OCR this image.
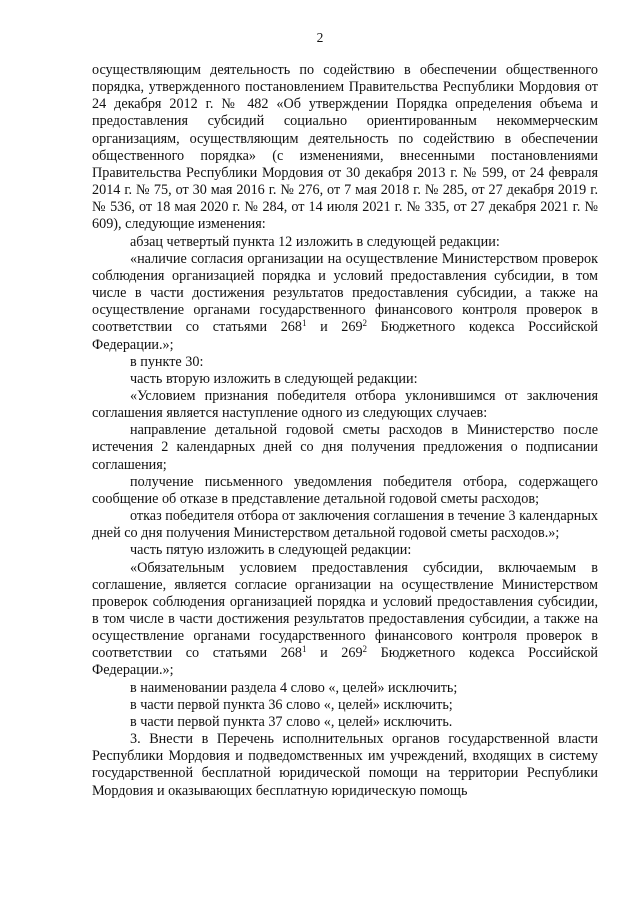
2

осуществляющим деятельность по содействию в обеспечении общественного порядка, утвержденного постановлением Правительства Республики Мордовия от 24 декабря 2012 г. № 482 «Об утверждении Порядка определения объема и предоставления субсидий социально ориентированным некоммерческим организациям, осуществляющим деятельность по содействию в обеспечении общественного порядка» (с изменениями, внесенными постановлениями Правительства Республики Мордовия от 30 декабря 2013 г. № 599, от 24 февраля 2014 г. № 75, от 30 мая 2016 г. № 276, от 7 мая 2018 г. № 285, от 27 декабря 2019 г. № 536, от 18 мая 2020 г. № 284, от 14 июля 2021 г. № 335, от 27 декабря 2021 г. № 609), следующие изменения:

абзац четвертый пункта 12 изложить в следующей редакции:

«наличие согласия организации на осуществление Министерством проверок соблюдения организацией порядка и условий предоставления субсидии, в том числе в части достижения результатов предоставления субсидии, а также на осуществление органами государственного финансового контроля проверок в соответствии со статьями $268^1$ и $269^2$ Бюджетного кодекса Российской Федерации.»;

в пункте 30:

часть вторую изложить в следующей редакции:

«Условием признания победителя отбора уклонившимся от заключения соглашения является наступление одного из следующих случаев:

направление детальной годовой сметы расходов в Министерство после истечения 2 календарных дней со дня получения предложения о подписании соглашения;

получение письменного уведомления победителя отбора, содержащего сообщение об отказе в представление детальной годовой сметы расходов;

отказ победителя отбора от заключения соглашения в течение 3 календарных дней со дня получения Министерством детальной годовой сметы расходов.»;

часть пятую изложить в следующей редакции:

«Обязательным условием предоставления субсидии, включаемым в соглашение, является согласие организации на осуществление Министерством проверок соблюдения организацией порядка и условий предоставления субсидии, в том числе в части достижения результатов предоставления субсидии, а также на осуществление органами государственного финансового контроля проверок в соответствии со статьями $268^1$ и $269^2$ Бюджетного кодекса Российской Федерации.»;

в наименовании раздела 4 слово «, целей» исключить;

в части первой пункта 36 слово «, целей» исключить;

в части первой пункта 37 слово «, целей» исключить.

3. Внести в Перечень исполнительных органов государственной власти Республики Мордовия и подведомственных им учреждений, входящих в систему государственной бесплатной юридической помощи на территории Республики Мордовия и оказывающих бесплатную юридическую помощь
